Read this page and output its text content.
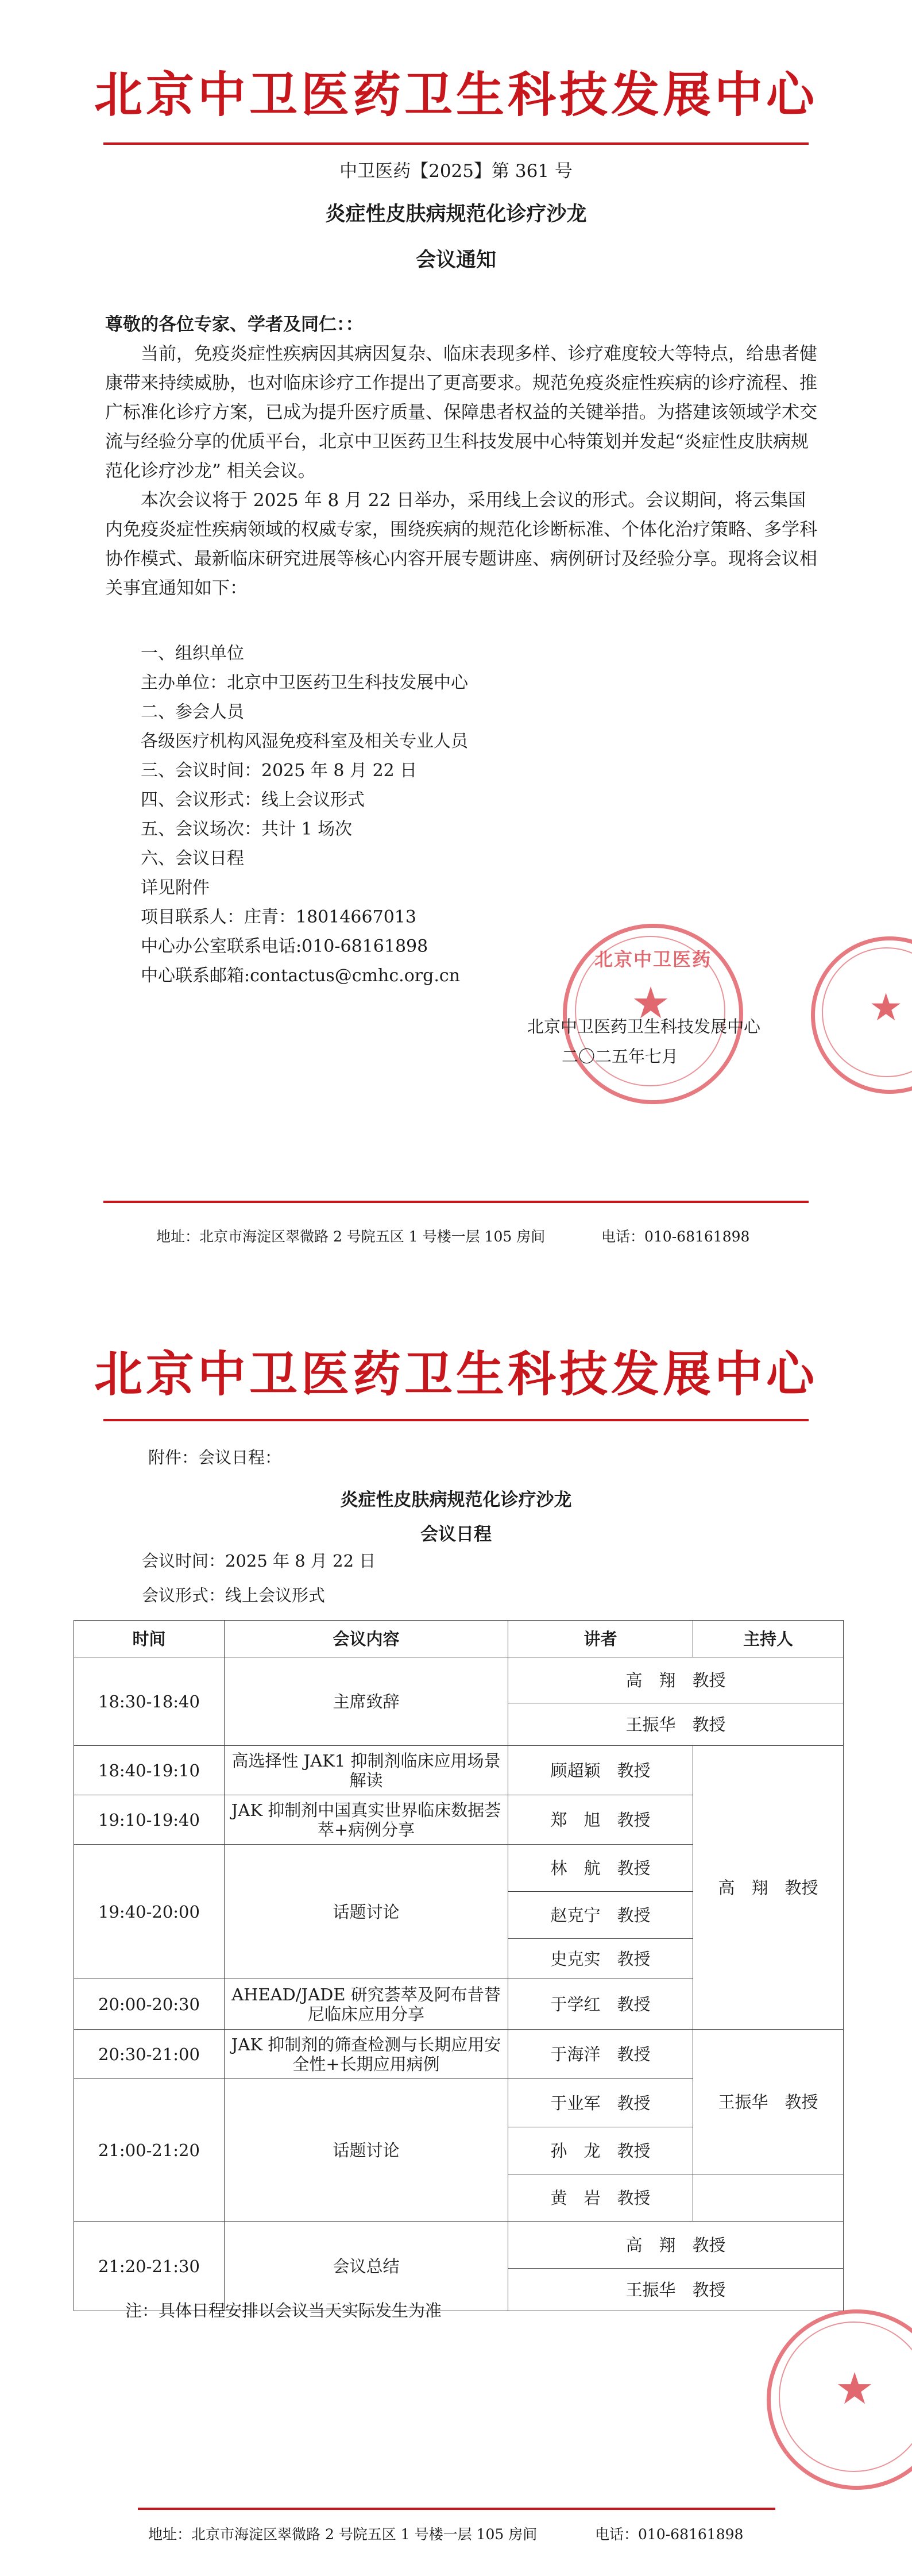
北京中卫医药卫生科技发展中心
中卫医药【2025】第 361 号
炎症性皮肤病规范化诊疗沙龙
会议通知

尊敬的各位专家、学者及同仁：：

当前，免疫炎症性疾病因其病因复杂、临床表现多样、诊疗难度较大等特点，给患者健康带来持续威胁，也对临床诊疗工作提出了更高要求。规范免疫炎症性疾病的诊疗流程、推广标准化诊疗方案，已成为提升医疗质量、保障患者权益的关键举措。为搭建该领域学术交流与经验分享的优质平台，北京中卫医药卫生科技发展中心特策划并发起“炎症性皮肤病规范化诊疗沙龙” 相关会议。

本次会议将于 2025 年 8 月 22 日举办，采用线上会议的形式。会议期间，将云集国内免疫炎症性疾病领域的权威专家，围绕疾病的规范化诊断标准、个体化治疗策略、多学科协作模式、最新临床研究进展等核心内容开展专题讲座、病例研讨及经验分享。现将会议相关事宜通知如下：

一、组织单位
主办单位：北京中卫医药卫生科技发展中心
二、参会人员
各级医疗机构风湿免疫科室及相关专业人员
三、会议时间：2025 年 8 月 22 日
四、会议形式：线上会议形式
五、会议场次：共计 1 场次
六、会议日程
详见附件
项目联系人：庄青：18014667013
中心办公室联系电话:010-68161898
中心联系邮箱:contactus@cmhc.org.cn
★
北京中卫医药
★
北京中卫医药卫生科技发展中心
二〇二五年七月
地址：北京市海淀区翠微路 2 号院五区 1 号楼一层 105 房间	电话：010-68161898
北京中卫医药卫生科技发展中心
附件：会议日程：
炎症性皮肤病规范化诊疗沙龙
会议日程
会议时间：2025 年 8 月 22 日
会议形式：线上会议形式
时间	会议内容	讲者	主持人
18:30-18:40	主席致辞	高　翔　教授	
		王振华　教授	
18:40-19:10	高选择性 JAK1 抑制剂临床应用场景解读	顾超颖　教授	高　翔　教授
19:10-19:40	JAK 抑制剂中国真实世界临床数据荟萃+病例分享	郑　旭　教授	
19:40-20:00	话题讨论	林　航　教授	
		赵克宁　教授	
		史克实　教授	
20:00-20:30	AHEAD/JADE 研究荟萃及阿布昔替尼临床应用分享	于学红　教授	
20:30-21:00	JAK 抑制剂的筛查检测与长期应用安全性+长期应用病例	于海洋　教授	王振华　教授
21:00-21:20	话题讨论	于业军　教授	
		孙　龙　教授	
		黄　岩　教授	
21:20-21:30	会议总结	高　翔　教授	
		王振华　教授	
注：具体日程安排以会议当天实际发生为准
★
地址：北京市海淀区翠微路 2 号院五区 1 号楼一层 105 房间	电话：010-68161898
